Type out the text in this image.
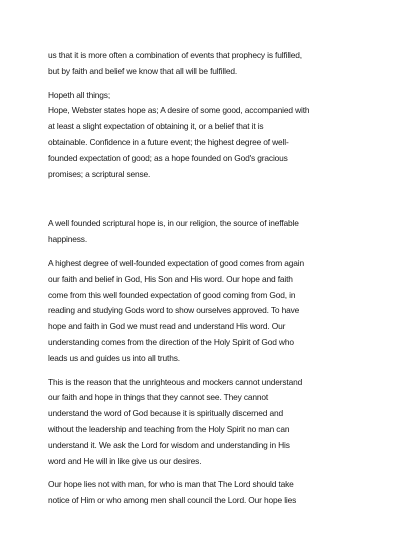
us that it is more often a combination of events that prophecy is fulfilled,
but by faith and belief we know that all will be fulfilled.

Hopeth all things;
Hope, Webster states hope as; A desire of some good, accompanied with
at least a slight expectation of obtaining it, or a belief that it is
obtainable. Confidence in a future event; the highest degree of well-
founded expectation of good; as a hope founded on God's gracious
promises; a scriptural sense.

A well founded scriptural hope is, in our religion, the source of ineffable
happiness.

A highest degree of well-founded expectation of good comes from again
our faith and belief in God, His Son and His word. Our hope and faith
come from this well founded expectation of good coming from God, in
reading and studying Gods word to show ourselves approved. To have
hope and faith in God we must read and understand His word. Our
understanding comes from the direction of the Holy Spirit of God who
leads us and guides us into all truths.

This is the reason that the unrighteous and mockers cannot understand
our faith and hope in things that they cannot see. They cannot
understand the word of God because it is spiritually discerned and
without the leadership and teaching from the Holy Spirit no man can
understand it. We ask the Lord for wisdom and understanding in His
word and He will in like give us our desires.

Our hope lies not with man, for who is man that The Lord should take
notice of Him or who among men shall council the Lord. Our hope lies
